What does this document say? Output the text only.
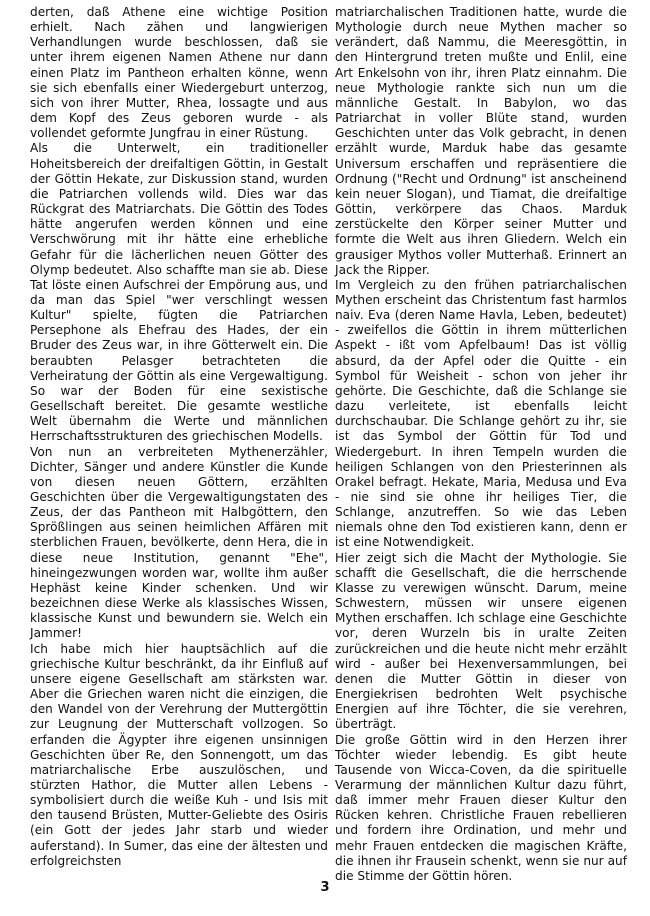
derten, daß Athene eine wichtige Position erhielt. Nach zähen und langwierigen Verhandlungen wurde beschlossen, daß sie unter ihrem eigenen Namen Athene nur dann einen Platz im Pantheon erhalten könne, wenn sie sich ebenfalls einer Wiedergeburt unterzog, sich von ihrer Mutter, Rhea, lossagte und aus dem Kopf des Zeus geboren wurde - als vollendet geformte Jungfrau in einer Rüstung.

Als die Unterwelt, ein traditioneller Hoheitsbereich der dreifaltigen Göttin, in Gestalt der Göttin Hekate, zur Diskussion stand, wurden die Patriarchen vollends wild. Dies war das Rückgrat des Matriarchats. Die Göttin des Todes hätte angerufen werden können und eine Verschwörung mit ihr hätte eine erhebliche Gefahr für die lächerlichen neuen Götter des Olymp bedeutet. Also schaffte man sie ab. Diese Tat löste einen Aufschrei der Empörung aus, und da man das Spiel "wer verschlingt wessen Kultur" spielte, fügten die Patriarchen Persephone als Ehefrau des Hades, der ein Bruder des Zeus war, in ihre Götterwelt ein. Die beraubten Pelasger betrachteten die Verheiratung der Göttin als eine Vergewaltigung. So war der Boden für eine sexistische Gesellschaft bereitet. Die gesamte westliche Welt übernahm die Werte und männlichen Herrschaftsstrukturen des griechischen Modells.

Von nun an verbreiteten Mythenerzähler, Dichter, Sänger und andere Künstler die Kunde von diesen neuen Göttern, erzählten Geschichten über die Vergewaltigungstaten des Zeus, der das Pantheon mit Halbgöttern, den Sprößlingen aus seinen heimlichen Affären mit sterblichen Frauen, bevölkerte, denn Hera, die in diese neue Institution, genannt "Ehe", hineingezwungen worden war, wollte ihm außer Hephäst keine Kinder schenken. Und wir bezeichnen diese Werke als klassisches Wissen, klassische Kunst und bewundern sie. Welch ein Jammer!

Ich habe mich hier hauptsächlich auf die griechische Kultur beschränkt, da ihr Einfluß auf unsere eigene Gesellschaft am stärksten war. Aber die Griechen waren nicht die einzigen, die den Wandel von der Verehrung der Muttergöttin zur Leugnung der Mutterschaft vollzogen. So erfanden die Ägypter ihre eigenen unsinnigen Geschichten über Re, den Sonnengott, um das matriarchalische Erbe auszulöschen, und stürzten Hathor, die Mutter allen Lebens - symbolisiert durch die weiße Kuh - und Isis mit den tausend Brüsten, Mutter-Geliebte des Osiris (ein Gott der jedes Jahr starb und wieder auferstand). In Sumer, das eine der ältesten und erfolgreichsten

matriarchalischen Traditionen hatte, wurde die Mythologie durch neue Mythen macher so verändert, daß Nammu, die Meeresgöttin, in den Hintergrund treten mußte und Enlil, eine Art Enkelsohn von ihr, ihren Platz einnahm. Die neue Mythologie rankte sich nun um die männliche Gestalt. In Babylon, wo das Patriarchat in voller Blüte stand, wurden Geschichten unter das Volk gebracht, in denen erzählt wurde, Marduk habe das gesamte Universum erschaffen und repräsentiere die Ordnung ("Recht und Ordnung" ist anscheinend kein neuer Slogan), und Tiamat, die dreifaltige Göttin, verkörpere das Chaos. Marduk zerstückelte den Körper seiner Mutter und formte die Welt aus ihren Gliedern. Welch ein grausiger Mythos voller Mutterhaß. Erinnert an Jack the Ripper.

Im Vergleich zu den frühen patriarchalischen Mythen erscheint das Christentum fast harmlos naiv. Eva (deren Name Havla, Leben, bedeutet) - zweifellos die Göttin in ihrem mütterlichen Aspekt - ißt vom Apfelbaum! Das ist völlig absurd, da der Apfel oder die Quitte - ein Symbol für Weisheit - schon von jeher ihr gehörte. Die Geschichte, daß die Schlange sie dazu verleitete, ist ebenfalls leicht durchschaubar. Die Schlange gehört zu ihr, sie ist das Symbol der Göttin für Tod und Wiedergeburt. In ihren Tempeln wurden die heiligen Schlangen von den Priesterinnen als Orakel befragt. Hekate, Maria, Medusa und Eva - nie sind sie ohne ihr heiliges Tier, die Schlange, anzutreffen. So wie das Leben niemals ohne den Tod existieren kann, denn er ist eine Notwendigkeit.

Hier zeigt sich die Macht der Mythologie. Sie schafft die Gesellschaft, die die herrschende Klasse zu verewigen wünscht. Darum, meine Schwestern, müssen wir unsere eigenen Mythen erschaffen. Ich schlage eine Geschichte vor, deren Wurzeln bis in uralte Zeiten zurückreichen und die heute nicht mehr erzählt wird - außer bei Hexenversammlungen, bei denen die Mutter Göttin in dieser von Energiekrisen bedrohten Welt psychische Energien auf ihre Töchter, die sie verehren, überträgt.

Die große Göttin wird in den Herzen ihrer Töchter wieder lebendig. Es gibt heute Tausende von Wicca-Coven, da die spirituelle Verarmung der männlichen Kultur dazu führt, daß immer mehr Frauen dieser Kultur den Rücken kehren. Christliche Frauen rebellieren und fordern ihre Ordination, und mehr und mehr Frauen entdecken die magischen Kräfte, die ihnen ihr Frausein schenkt, wenn sie nur auf die Stimme der Göttin hören.

3
